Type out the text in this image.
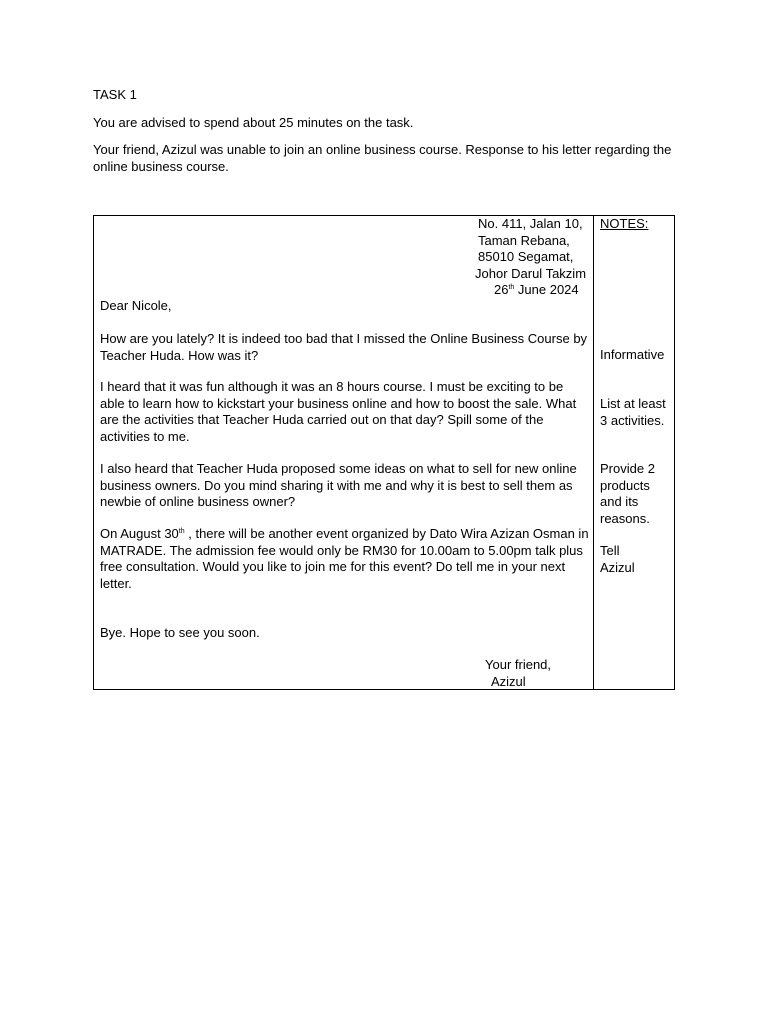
TASK 1
You are advised to spend about 25 minutes on the task.
Your friend, Azizul was unable to join an online business course. Response to his letter regarding the online business course.
No. 411, Jalan 10,
Taman Rebana,
85010 Segamat,
Johor Darul Takzim
26th June 2024
Dear Nicole,
How are you lately? It is indeed too bad that I missed the Online Business Course by Teacher Huda. How was it?
I heard that it was fun although it was an 8 hours course. I must be exciting to be able to learn how to kickstart your business online and how to boost the sale. What are the activities that Teacher Huda carried out on that day? Spill some of the activities to me.
I also heard that Teacher Huda proposed some ideas on what to sell for new online business owners. Do you mind sharing it with me and why it is best to sell them as newbie of online business owner?
On August 30th , there will be another event organized by Dato Wira Azizan Osman in MATRADE. The admission fee would only be RM30 for 10.00am to 5.00pm talk plus free consultation. Would you like to join me for this event? Do tell me in your next letter.
Bye. Hope to see you soon.
Your friend,
Azizul
NOTES:
Informative
List at least
3 activities.
Provide 2
products
and its
reasons.
Tell
Azizul
